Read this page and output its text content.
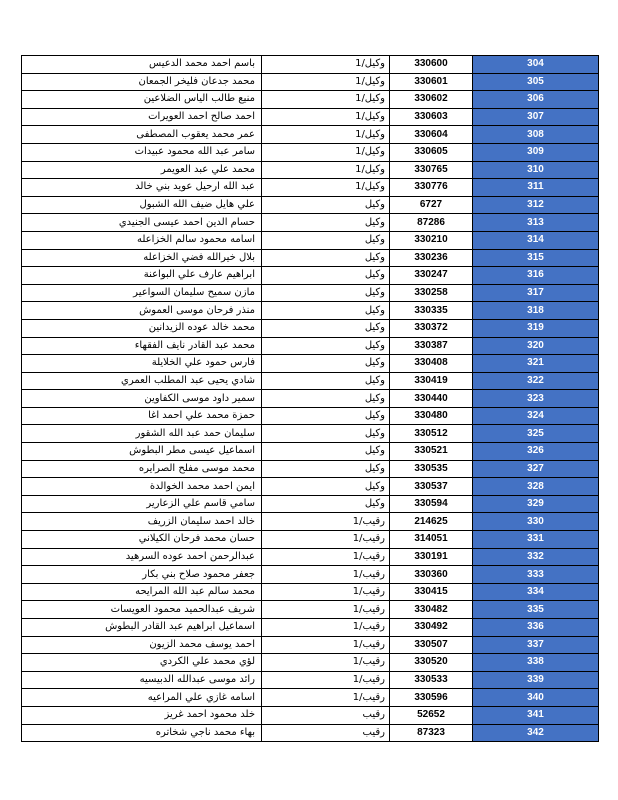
باسم احمد محمد الدعيس	وكيل/1	330600	304
محمد جدعان فليخر الجمعان	وكيل/1	330601	305
منيع طالب الياس الضلاعين	وكيل/1	330602	306
احمد صالح احمد العويرات	وكيل/1	330603	307
عمر محمد يعقوب المصطفى	وكيل/1	330604	308
سامر عبد الله محمود عبيدات	وكيل/1	330605	309
محمد علي عبد العويمر	وكيل/1	330765	310
عبد الله ارحيل عويد بني خالد	وكيل/1	330776	311
علي هايل ضيف الله الشبول	وكيل	6727	312
حسام الدين احمد عيسى الجنيدي	وكيل	87286	313
اسامه محمود سالم الخزاعله	وكيل	330210	314
بلال خيرالله فضي الخزاعله	وكيل	330236	315
ابراهيم عارف علي البواعنة	وكيل	330247	316
مازن سميح سليمان السواعير	وكيل	330258	317
منذر فرحان موسى العموش	وكيل	330335	318
محمد خالد عوده الزيدانين	وكيل	330372	319
محمد عبد القادر نايف الفقهاء	وكيل	330387	320
فارس حمود علي الخلايلة	وكيل	330408	321
شادي يحيى عبد المطلب العمري	وكيل	330419	322
سمير داود موسى الكفاوين	وكيل	330440	323
حمزة محمد علي احمد اغا	وكيل	330480	324
سليمان حمد عبد الله الشقور	وكيل	330512	325
اسماعيل عيسى مطر البطوش	وكيل	330521	326
محمد موسى مفلح الصرايره	وكيل	330535	327
ايمن احمد محمد الخوالدة	وكيل	330537	328
سامي قاسم علي الزعارير	وكيل	330594	329
خالد احمد سليمان الزريف	رقيب/1	214625	330
حسان محمد فرحان الكيلاني	رقيب/1	314051	331
عبدالرحمن احمد عوده السرهيد	رقيب/1	330191	332
جعفر محمود صلاح بني بكار	رقيب/1	330360	333
محمد سالم عبد الله المرايحه	رقيب/1	330415	334
شريف عبدالحميد محمود العويسات	رقيب/1	330482	335
اسماعيل ابراهيم عبد القادر البطوش	رقيب/1	330492	336
احمد يوسف محمد الزيون	رقيب/1	330507	337
لؤي محمد علي الكردي	رقيب/1	330520	338
رائد موسى عبدالله الدبيسيه	رقيب/1	330533	339
اسامه غازي علي المراعيه	رقيب/1	330596	340
خلد محمود احمد غريز	رقيب	52652	341
بهاء محمد ناجي شخاتره	رقيب	87323	342
